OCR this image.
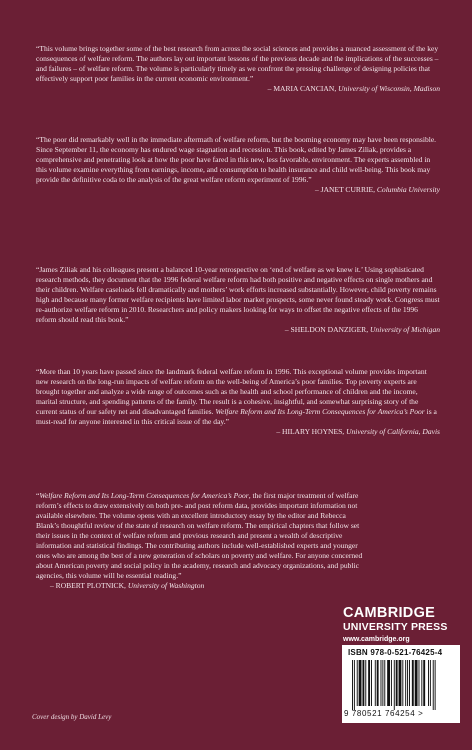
“This volume brings together some of the best research from across the social sciences and provides a nuanced assessment of the key consequences of welfare reform. The authors lay out important lessons of the previous decade and the implications of the successes – and failures – of welfare reform. The volume is particularly timely as we confront the pressing challenge of designing policies that effectively support poor families in the current economic environment.”

– MARIA CANCIAN, University of Wisconsin, Madison

“The poor did remarkably well in the immediate aftermath of welfare reform, but the booming economy may have been responsible. Since September 11, the economy has endured wage stagnation and recession. This book, edited by James Ziliak, provides a comprehensive and penetrating look at how the poor have fared in this new, less favorable, environment. The experts assembled in this volume examine everything from earnings, income, and consumption to health insurance and child well-being. This book may provide the definitive coda to the analysis of the great welfare reform experiment of 1996.”

– JANET CURRIE, Columbia University

“James Ziliak and his colleagues present a balanced 10-year retrospective on ‘end of welfare as we knew it.’ Using sophisticated research methods, they document that the 1996 federal welfare reform had both positive and negative effects on single mothers and their children. Welfare caseloads fell dramatically and mothers’ work efforts increased substantially. However, child poverty remains high and because many former welfare recipients have limited labor market prospects, some never found steady work. Congress must re-authorize welfare reform in 2010. Researchers and policy makers looking for ways to offset the negative effects of the 1996 reform should read this book.”

– SHELDON DANZIGER, University of Michigan

“More than 10 years have passed since the landmark federal welfare reform in 1996. This exceptional volume provides important new research on the long-run impacts of welfare reform on the well-being of America’s poor families. Top poverty experts are brought together and analyze a wide range of outcomes such as the health and school performance of children and the income, marital structure, and spending patterns of the family. The result is a cohesive, insightful, and somewhat surprising story of the current status of our safety net and disadvantaged families. Welfare Reform and Its Long-Term Consequences for America’s Poor is a must-read for anyone interested in this critical issue of the day.”

– HILARY HOYNES, University of California, Davis

“Welfare Reform and Its Long-Term Consequences for America’s Poor, the first major treatment of welfare reform’s effects to draw extensively on both pre- and post reform data, provides important information not available elsewhere. The volume opens with an excellent introductory essay by the editor and Rebecca Blank’s thoughtful review of the state of research on welfare reform. The empirical chapters that follow set their issues in the context of welfare reform and previous research and present a wealth of descriptive information and statistical findings. The contributing authors include well-established experts and younger ones who are among the best of a new generation of scholars on poverty and welfare. For anyone concerned about American poverty and social policy in the academy, research and advocacy organizations, and public agencies, this volume will be essential reading.”

– ROBERT PLOTNICK, University of Washington

CAMBRIDGE
UNIVERSITY PRESS
www.cambridge.org
ISBN 978-0-521-76425-4
9 780521 764254 >
Cover design by David Levy
